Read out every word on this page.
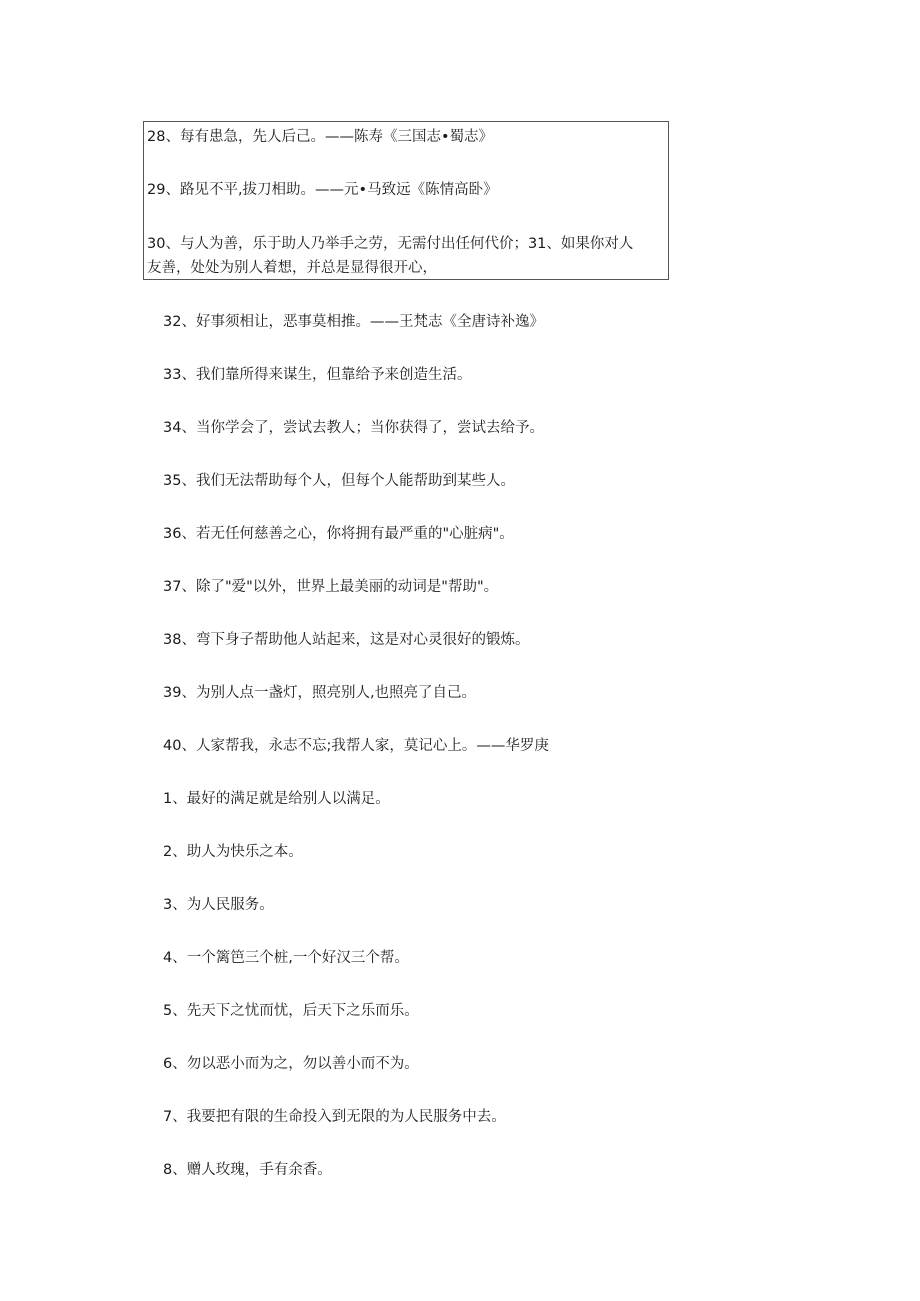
28、每有患急，先人后己。——陈寿《三国志•蜀志》
29、路见不平,拔刀相助。——元•马致远《陈情高卧》
30、与人为善，乐于助人乃举手之劳，无需付出任何代价；31、如果你对人
友善，处处为别人着想，并总是显得很开心，
32、好事须相让，恶事莫相推。——王梵志《全唐诗补逸》
33、我们靠所得来谋生，但靠给予来创造生活。
34、当你学会了，尝试去教人；当你获得了，尝试去给予。
35、我们无法帮助每个人，但每个人能帮助到某些人。
36、若无任何慈善之心，你将拥有最严重的"心脏病"。
37、除了"爱"以外，世界上最美丽的动词是"帮助"。
38、弯下身子帮助他人站起来，这是对心灵很好的锻炼。
39、为别人点一盏灯，照亮别人,也照亮了自己。
40、人家帮我，永志不忘;我帮人家，莫记心上。——华罗庚
1、最好的满足就是给别人以满足。
2、助人为快乐之本。
3、为人民服务。
4、一个篱笆三个桩,一个好汉三个帮。
5、先天下之忧而忧，后天下之乐而乐。
6、勿以恶小而为之，勿以善小而不为。
7、我要把有限的生命投入到无限的为人民服务中去。
8、赠人玫瑰，手有余香。
